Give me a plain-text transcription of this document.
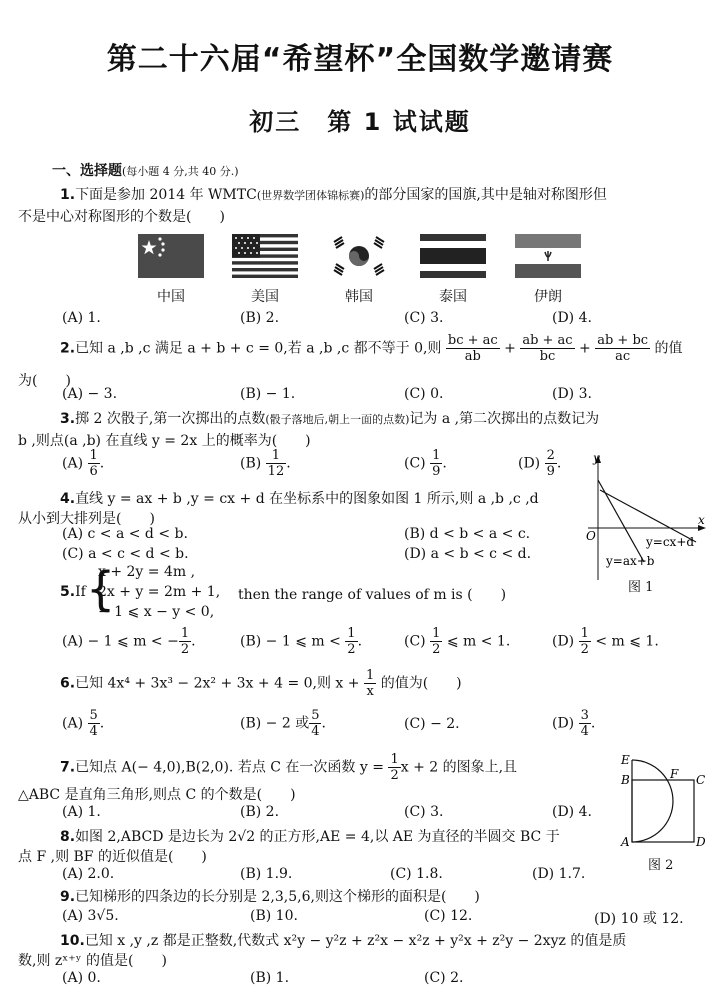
第二十六届“希望杯”全国数学邀请赛
初三　第 1 试试题
一、选择题(每小题 4 分,共 40 分.)
1.下面是参加 2014 年 WMTC(世界数学团体锦标赛)的部分国家的国旗,其中是轴对称图形但
不是中心对称图形的个数是(　　)
中国	美国	韩国	泰国	伊朗
(A) 1.	(B) 2.	(C) 3.	(D) 4.
2.已知 a ,b ,c 满足 a + b + c = 0,若 a ,b ,c 都不等于 0,则 $\frac{bc + ac}{ab} + \frac{ab + ac}{bc} + \frac{ab + bc}{ac}$ 的值
为(　　)
(A) − 3.	(B) − 1.	(C) 0.	(D) 3.
3.掷 2 次骰子,第一次掷出的点数(骰子落地后,朝上一面的点数)记为 a ,第二次掷出的点数记为
b ,则点(a ,b) 在直线 y = 2x 上的概率为(　　)
$(A) \frac{1}{6}$ .	$(B) \frac{1}{12}$ .	$(C) \frac{1}{9}$ .	$(D) \frac{2}{9}$ .	y
x
O	y=cx+d
y=ax+b
图 1
4.直线 y = ax + b ,y = cx + d 在坐标系中的图象如图 1 所示,则 a ,b ,c ,d
从小到大排列是(　　)
(A) c < a < d < b.	(B) d < b < a < c.
(C) a < c < d < b.	(D) a < b < c < d.
5.If {
x + 2y = 4m ,
2x + y = 2m + 1,
− 1 ⩽ x − y < 0,
then the range of values of m is (　　)
(A) − 1 ⩽ m < − $\frac{1}{2}$ .	(B) − 1 ⩽ $m < \frac{1}{2}$ .	$(C) \frac{1}{2}$ ⩽ m < 1.	$(D) \frac{1}{2} < m$ ⩽ 1.
6.已知 4x⁴ + 3x³ − 2x² + 3x + 4 = 0,则 $x + \frac{1}{x}$ 的值为(　　)
$(A) \frac{5}{4}$ .	(B) − 2 或 $\frac{5}{4}$ .	(C) − 2.	$(D) \frac{3}{4}$ .
7.已知点 A(− 4,0),B(2,0). 若点 C 在一次函数 $y = \frac{1}{2}$ x + 2 的图象上,且
△ABC 是直角三角形,则点 C 的个数是(　　)
(A) 1.	(B) 2.	(C) 3.	(D) 4.
E
B	F C
A	D
图 2
8.如图 2,ABCD 是边长为 2√2 的正方形,AE = 4,以 AE 为直径的半圆交 BC 于
点 F ,则 BF 的近似值是(　　)
(A) 2.0.	(B) 1.9.	(C) 1.8.	(D) 1.7.
9.已知梯形的四条边的长分别是 2,3,5,6,则这个梯形的面积是(　　)
(A) 3√5.	(B) 10.	(C) 12.	(D) 10 或 12.
10.已知 x ,y ,z 都是正整数,代数式 x²y − y²z + z²x − x²z + y²x + z²y − 2xyz 的值是质
数,则 zˣ⁺ʸ 的值是(　　)
(A) 0.	(B) 1.	(C) 2.
